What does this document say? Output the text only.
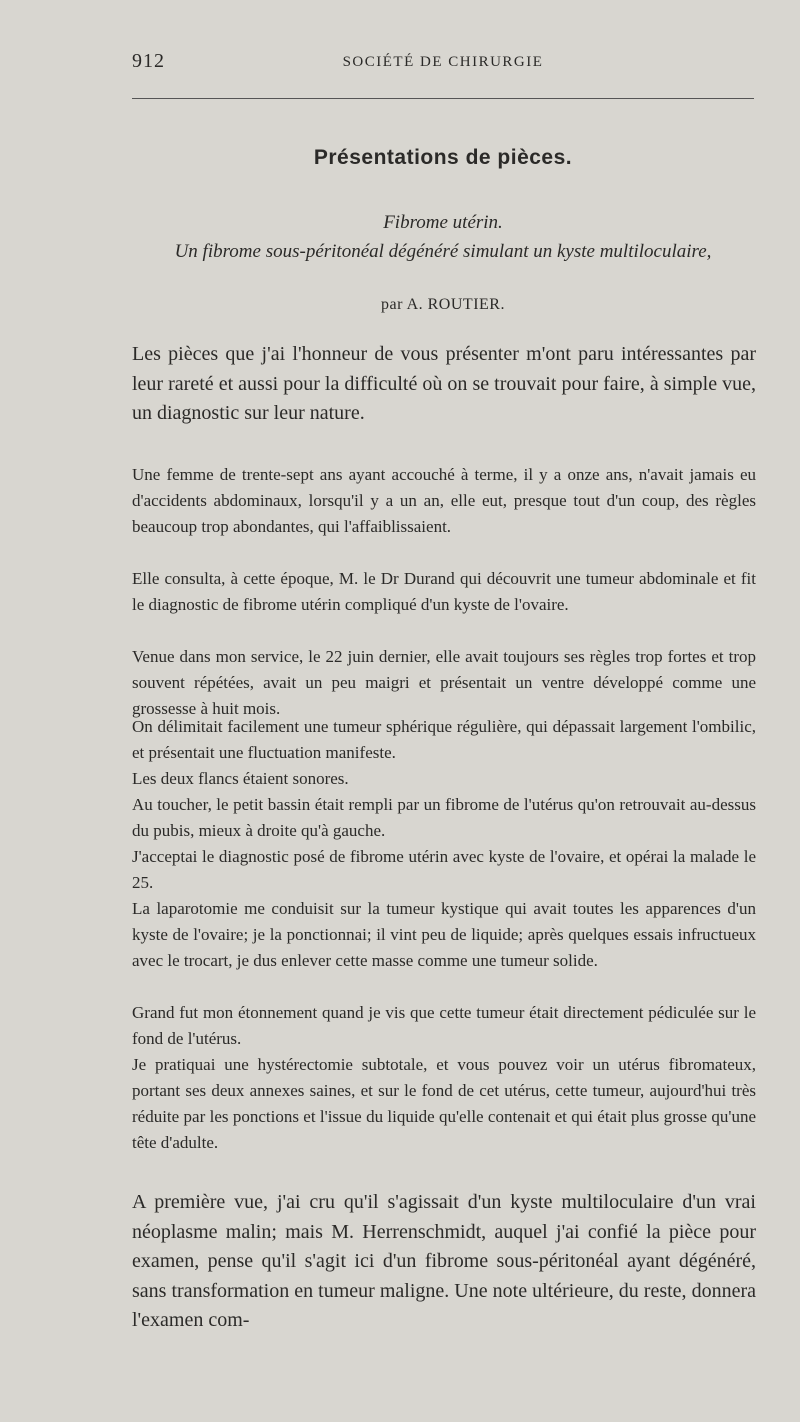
912	SOCIÉTÉ DE CHIRURGIE
Présentations de pièces.
Fibrome utérin.
Un fibrome sous-péritonéal dégénéré simulant un kyste multiloculaire,
par A. ROUTIER.

Les pièces que j'ai l'honneur de vous présenter m'ont paru intéressantes par leur rareté et aussi pour la difficulté où on se trouvait pour faire, à simple vue, un diagnostic sur leur nature.

Une femme de trente-sept ans ayant accouché à terme, il y a onze ans, n'avait jamais eu d'accidents abdominaux, lorsqu'il y a un an, elle eut, presque tout d'un coup, des règles beaucoup trop abondantes, qui l'affaiblissaient.

Elle consulta, à cette époque, M. le Dr Durand qui découvrit une tumeur abdominale et fit le diagnostic de fibrome utérin compliqué d'un kyste de l'ovaire.

Venue dans mon service, le 22 juin dernier, elle avait toujours ses règles trop fortes et trop souvent répétées, avait un peu maigri et présentait un ventre développé comme une grossesse à huit mois.

On délimitait facilement une tumeur sphérique régulière, qui dépassait largement l'ombilic, et présentait une fluctuation manifeste.

Les deux flancs étaient sonores.

Au toucher, le petit bassin était rempli par un fibrome de l'utérus qu'on retrouvait au-dessus du pubis, mieux à droite qu'à gauche.

J'acceptai le diagnostic posé de fibrome utérin avec kyste de l'ovaire, et opérai la malade le 25.

La laparotomie me conduisit sur la tumeur kystique qui avait toutes les apparences d'un kyste de l'ovaire; je la ponctionnai; il vint peu de liquide; après quelques essais infructueux avec le trocart, je dus enlever cette masse comme une tumeur solide.

Grand fut mon étonnement quand je vis que cette tumeur était directement pédiculée sur le fond de l'utérus.

Je pratiquai une hystérectomie subtotale, et vous pouvez voir un utérus fibromateux, portant ses deux annexes saines, et sur le fond de cet utérus, cette tumeur, aujourd'hui très réduite par les ponctions et l'issue du liquide qu'elle contenait et qui était plus grosse qu'une tête d'adulte.

A première vue, j'ai cru qu'il s'agissait d'un kyste multiloculaire d'un vrai néoplasme malin; mais M. Herrenschmidt, auquel j'ai confié la pièce pour examen, pense qu'il s'agit ici d'un fibrome sous-péritonéal ayant dégénéré, sans transformation en tumeur maligne. Une note ultérieure, du reste, donnera l'examen com-
